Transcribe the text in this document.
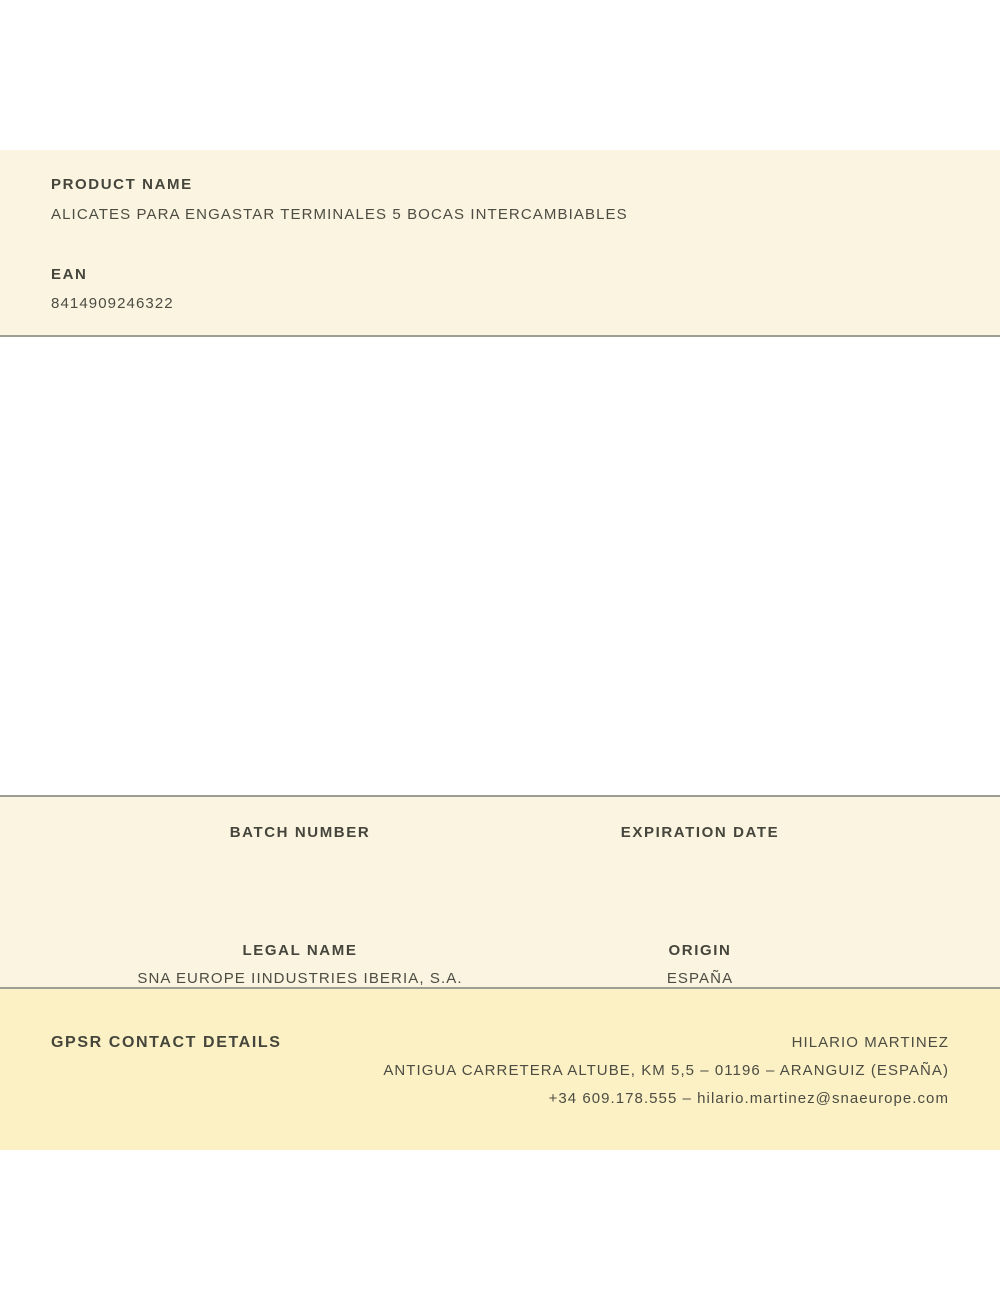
PRODUCT NAME
ALICATES PARA ENGASTAR TERMINALES 5 BOCAS INTERCAMBIABLES
EAN
8414909246322
BATCH NUMBER	EXPIRATION DATE
LEGAL NAME
SNA EUROPE IINDUSTRIES IBERIA, S.A.
ORIGIN
ESPAÑA
GPSR CONTACT DETAILS	HILARIO MARTINEZ
ANTIGUA CARRETERA ALTUBE, KM 5,5 – 01196 – ARANGUIZ (ESPAÑA)
+34 609.178.555 – hilario.martinez@snaeurope.com
